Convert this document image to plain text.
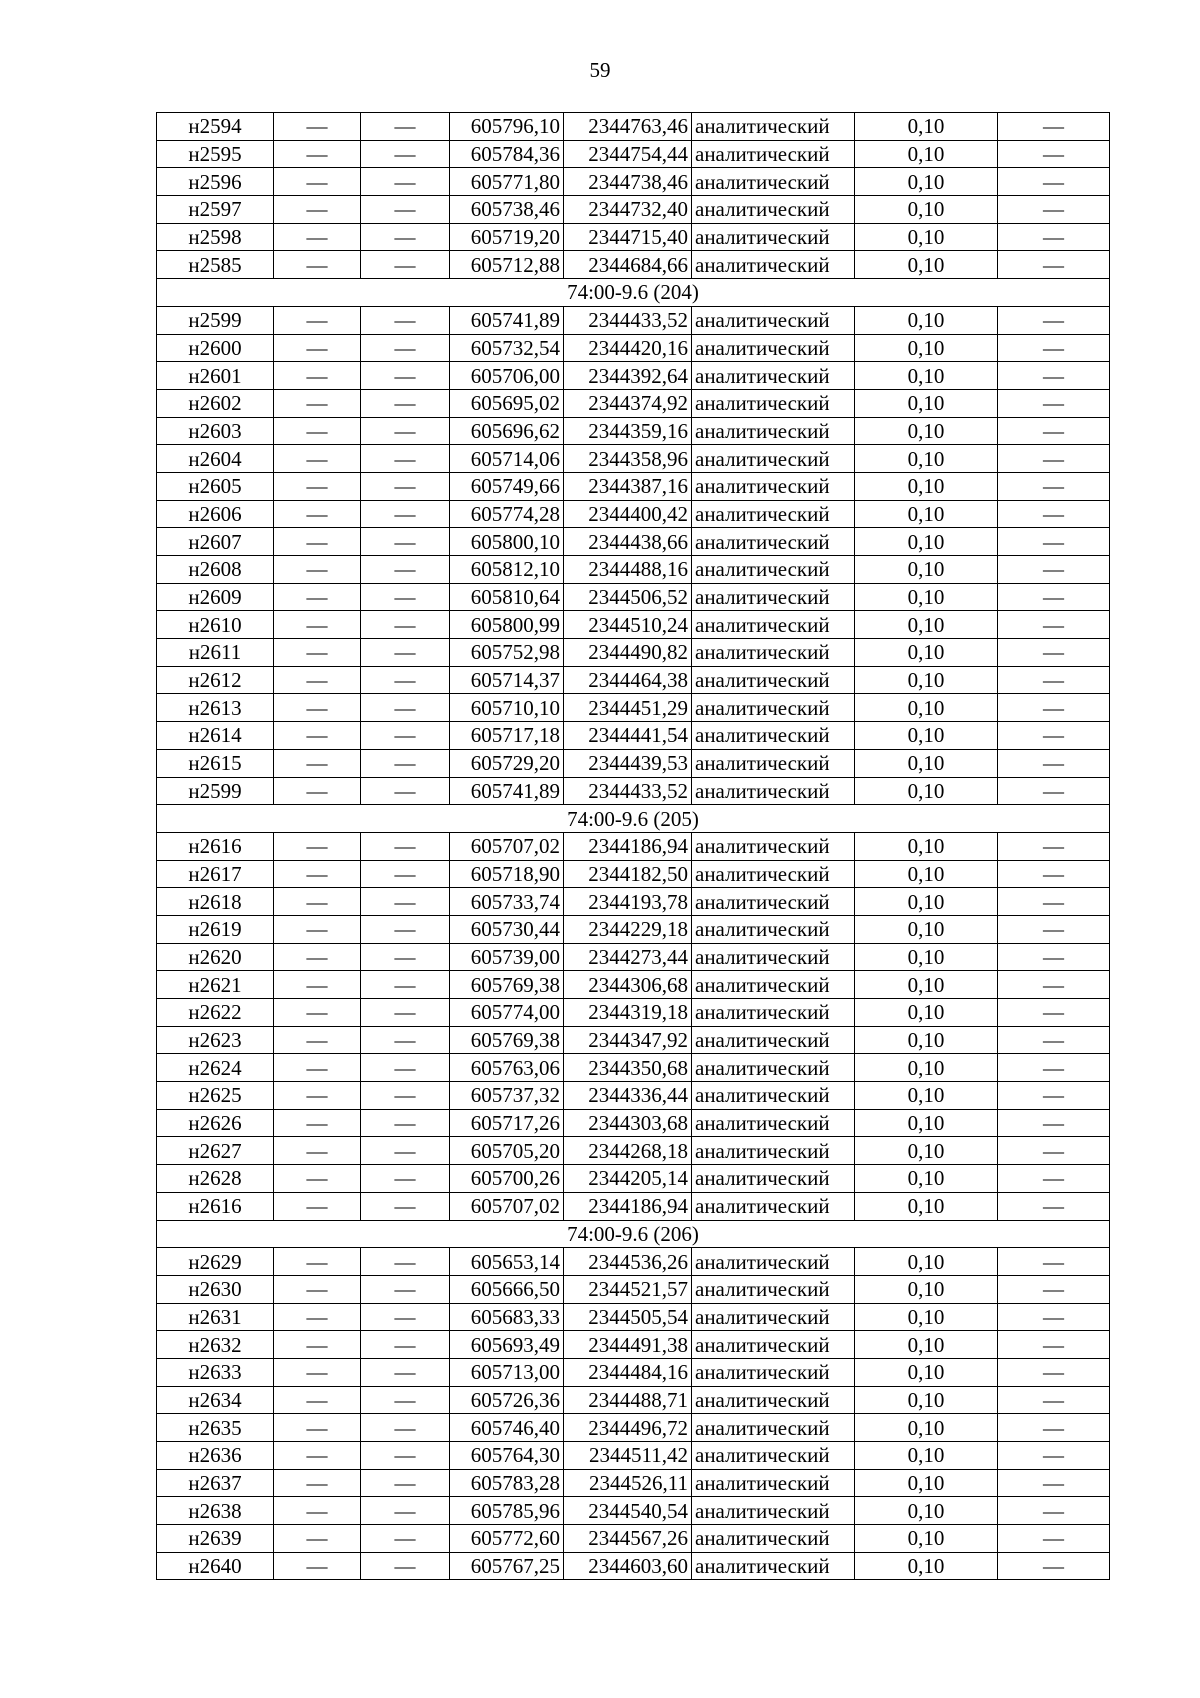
59
н2594	—	—	605796,10	2344763,46	аналитический	0,10	—
н2595	—	—	605784,36	2344754,44	аналитический	0,10	—
н2596	—	—	605771,80	2344738,46	аналитический	0,10	—
н2597	—	—	605738,46	2344732,40	аналитический	0,10	—
н2598	—	—	605719,20	2344715,40	аналитический	0,10	—
н2585	—	—	605712,88	2344684,66	аналитический	0,10	—
74:00-9.6 (204)							
н2599	—	—	605741,89	2344433,52	аналитический	0,10	—
н2600	—	—	605732,54	2344420,16	аналитический	0,10	—
н2601	—	—	605706,00	2344392,64	аналитический	0,10	—
н2602	—	—	605695,02	2344374,92	аналитический	0,10	—
н2603	—	—	605696,62	2344359,16	аналитический	0,10	—
н2604	—	—	605714,06	2344358,96	аналитический	0,10	—
н2605	—	—	605749,66	2344387,16	аналитический	0,10	—
н2606	—	—	605774,28	2344400,42	аналитический	0,10	—
н2607	—	—	605800,10	2344438,66	аналитический	0,10	—
н2608	—	—	605812,10	2344488,16	аналитический	0,10	—
н2609	—	—	605810,64	2344506,52	аналитический	0,10	—
н2610	—	—	605800,99	2344510,24	аналитический	0,10	—
н2611	—	—	605752,98	2344490,82	аналитический	0,10	—
н2612	—	—	605714,37	2344464,38	аналитический	0,10	—
н2613	—	—	605710,10	2344451,29	аналитический	0,10	—
н2614	—	—	605717,18	2344441,54	аналитический	0,10	—
н2615	—	—	605729,20	2344439,53	аналитический	0,10	—
н2599	—	—	605741,89	2344433,52	аналитический	0,10	—
74:00-9.6 (205)							
н2616	—	—	605707,02	2344186,94	аналитический	0,10	—
н2617	—	—	605718,90	2344182,50	аналитический	0,10	—
н2618	—	—	605733,74	2344193,78	аналитический	0,10	—
н2619	—	—	605730,44	2344229,18	аналитический	0,10	—
н2620	—	—	605739,00	2344273,44	аналитический	0,10	—
н2621	—	—	605769,38	2344306,68	аналитический	0,10	—
н2622	—	—	605774,00	2344319,18	аналитический	0,10	—
н2623	—	—	605769,38	2344347,92	аналитический	0,10	—
н2624	—	—	605763,06	2344350,68	аналитический	0,10	—
н2625	—	—	605737,32	2344336,44	аналитический	0,10	—
н2626	—	—	605717,26	2344303,68	аналитический	0,10	—
н2627	—	—	605705,20	2344268,18	аналитический	0,10	—
н2628	—	—	605700,26	2344205,14	аналитический	0,10	—
н2616	—	—	605707,02	2344186,94	аналитический	0,10	—
74:00-9.6 (206)							
н2629	—	—	605653,14	2344536,26	аналитический	0,10	—
н2630	—	—	605666,50	2344521,57	аналитический	0,10	—
н2631	—	—	605683,33	2344505,54	аналитический	0,10	—
н2632	—	—	605693,49	2344491,38	аналитический	0,10	—
н2633	—	—	605713,00	2344484,16	аналитический	0,10	—
н2634	—	—	605726,36	2344488,71	аналитический	0,10	—
н2635	—	—	605746,40	2344496,72	аналитический	0,10	—
н2636	—	—	605764,30	2344511,42	аналитический	0,10	—
н2637	—	—	605783,28	2344526,11	аналитический	0,10	—
н2638	—	—	605785,96	2344540,54	аналитический	0,10	—
н2639	—	—	605772,60	2344567,26	аналитический	0,10	—
н2640	—	—	605767,25	2344603,60	аналитический	0,10	—
